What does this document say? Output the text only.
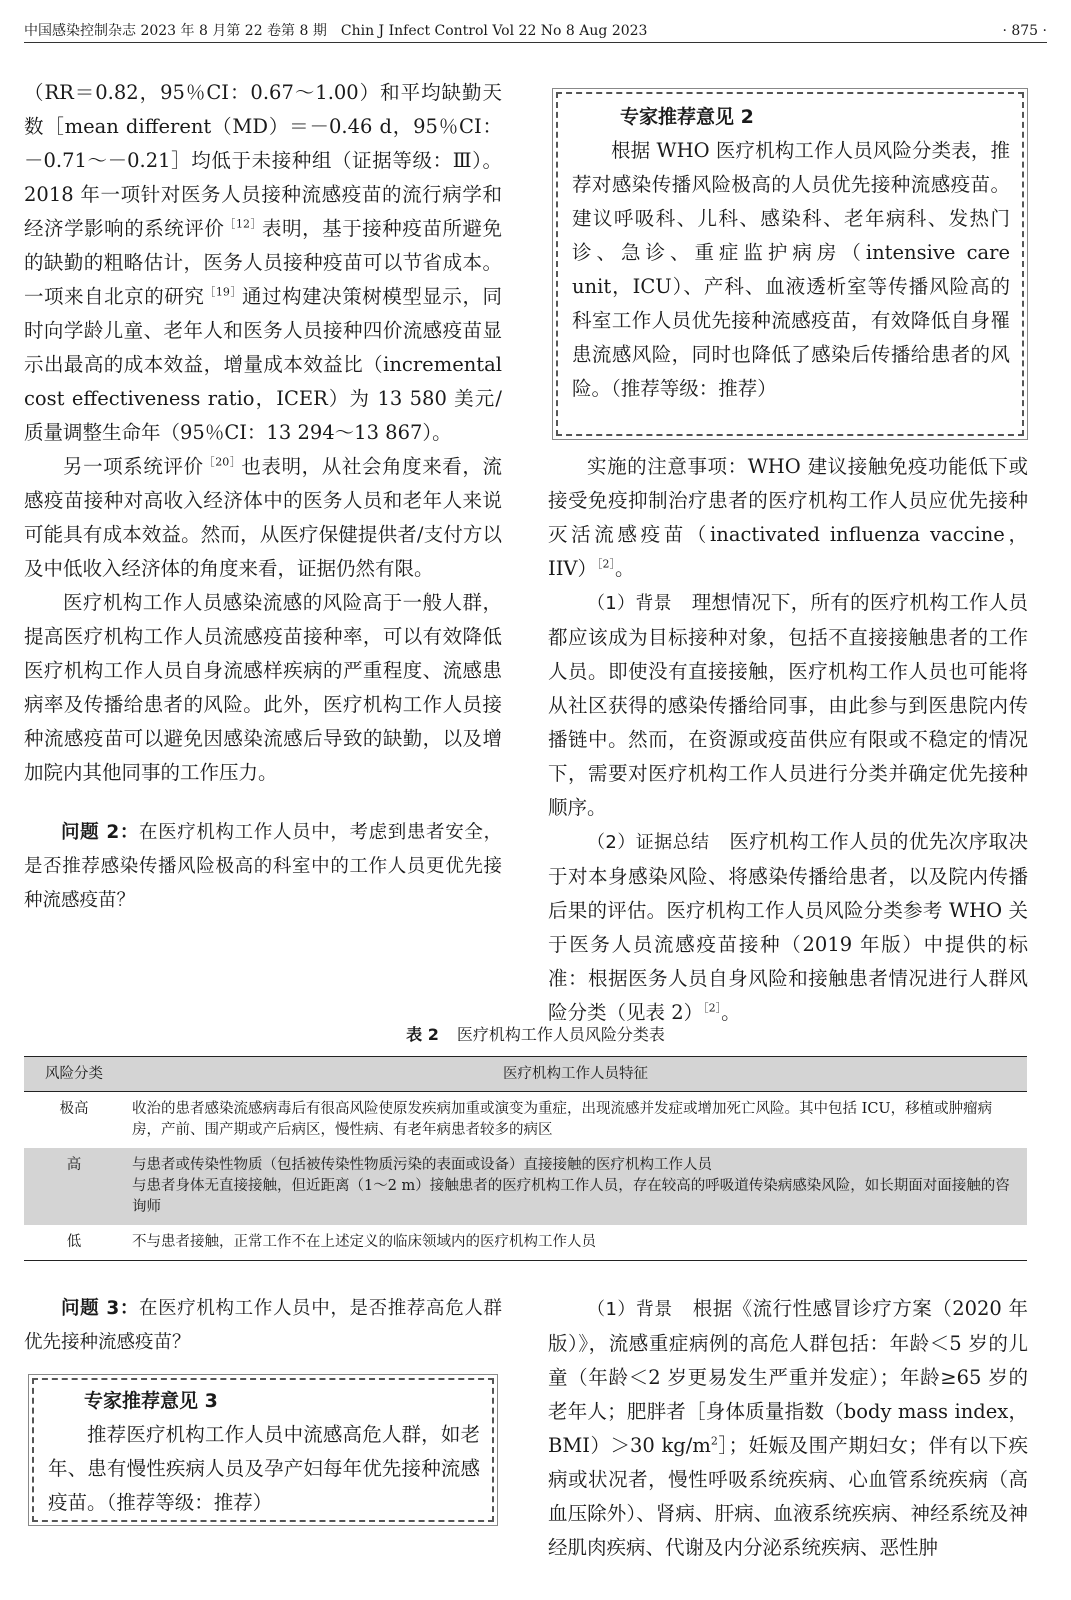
中国感染控制杂志 2023 年 8 月第 22 卷第 8 期　Chin J Infect Control Vol 22 No 8 Aug 2023	· 875 ·

（RR＝0.82，95％CI：0.67～1.00）和平均缺勤天数［mean different（MD）＝－0.46 d，95％CI：－0.71～－0.21］均低于未接种组（证据等级：Ⅲ）。2018 年一项针对医务人员接种流感疫苗的流行病学和经济学影响的系统评价$^{[12]}$表明，基于接种疫苗所避免的缺勤的粗略估计，医务人员接种疫苗可以节省成本。一项来自北京的研究$^{[19]}$通过构建决策树模型显示，同时向学龄儿童、老年人和医务人员接种四价流感疫苗显示出最高的成本效益，增量成本效益比（incremental cost effectiveness ratio，ICER）为 13 580 美元/质量调整生命年（95％CI：13 294～13 867）。

另一项系统评价$^{[20]}$也表明，从社会角度来看，流感疫苗接种对高收入经济体中的医务人员和老年人来说可能具有成本效益。然而，从医疗保健提供者/支付方以及中低收入经济体的角度来看，证据仍然有限。

医疗机构工作人员感染流感的风险高于一般人群，提高医疗机构工作人员流感疫苗接种率，可以有效降低医疗机构工作人员自身流感样疾病的严重程度、流感患病率及传播给患者的风险。此外，医疗机构工作人员接种流感疫苗可以避免因感染流感后导致的缺勤，以及增加院内其他同事的工作压力。

问题 2：在医疗机构工作人员中，考虑到患者安全，是否推荐感染传播风险极高的科室中的工作人员更优先接种流感疫苗？

专家推荐意见 2

根据 WHO 医疗机构工作人员风险分类表，推荐对感染传播风险极高的人员优先接种流感疫苗。建议呼吸科、儿科、感染科、老年病科、发热门诊、急诊、重症监护病房（intensive care unit，ICU）、产科、血液透析室等传播风险高的科室工作人员优先接种流感疫苗，有效降低自身罹患流感风险，同时也降低了感染后传播给患者的风险。（推荐等级：推荐）

实施的注意事项：WHO 建议接触免疫功能低下或接受免疫抑制治疗患者的医疗机构工作人员应优先接种灭活流感疫苗（inactivated influenza vaccine，IIV）$^{[2]}$。

（1）背景　 理想情况下，所有的医疗机构工作人员都应该成为目标接种对象，包括不直接接触患者的工作人员。即使没有直接接触，医疗机构工作人员也可能将从社区获得的感染传播给同事，由此参与到医患院内传播链中。然而，在资源或疫苗供应有限或不稳定的情况下，需要对医疗机构工作人员进行分类并确定优先接种顺序。

（2）证据总结　 医疗机构工作人员的优先次序取决于对本身感染风险、将感染传播给患者，以及院内传播后果的评估。医疗机构工作人员风险分类参考 WHO 关于医务人员流感疫苗接种（2019 年版）中提供的标准：根据医务人员自身风险和接触患者情况进行人群风险分类（见表 2）$^{[2]}$。

表 2 医疗机构工作人员风险分类表
风险分类	医疗机构工作人员特征
极高	收治的患者感染流感病毒后有很高风险使原发疾病加重或演变为重症，出现流感并发症或增加死亡风险。其中包括 ICU，移植或肿瘤病房，产前、围产期或产后病区，慢性病、有老年病患者较多的病区

高	与患者或传染性物质（包括被传染性物质污染的表面或设备）直接接触的医疗机构工作人员
与患者身体无直接接触，但近距离（1～2 m）接触患者的医疗机构工作人员，存在较高的呼吸道传染病感染风险，如长期面对面接触的咨询师

低	不与患者接触，正常工作不在上述定义的临床领域内的医疗机构工作人员

问题 3：在医疗机构工作人员中，是否推荐高危人群优先接种流感疫苗？

专家推荐意见 3

推荐医疗机构工作人员中流感高危人群，如老年、患有慢性疾病人员及孕产妇每年优先接种流感疫苗。（推荐等级：推荐）

（1）背景　 根据《流行性感冒诊疗方案（2020 年版）》，流感重症病例的高危人群包括：年龄＜5 岁的儿童（年龄＜2 岁更易发生严重并发症）；年龄≥65 岁的老年人；肥胖者［身体质量指数（body mass index，BMI）＞30 $kg/m^2]$；妊娠及围产期妇女；伴有以下疾病或状况者，慢性呼吸系统疾病、心血管系统疾病（高血压除外）、肾病、肝病、血液系统疾病、神经系统及神经肌肉疾病、代谢及内分泌系统疾病、恶性肿
